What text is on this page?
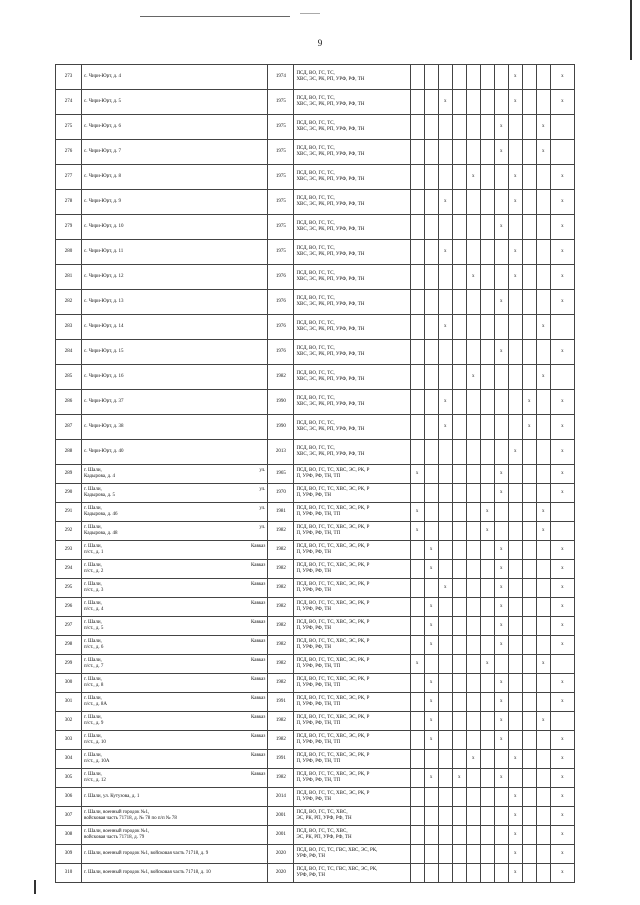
9
273	с. Чирн-Юрт, д. 4	1974	ПСД, ВО, ГС, ТС,
ХВС, ЭС, РК, РП, УРФ, РФ, ТН								x			x
274	с. Чири-Юрт, д. 5	1975	ПСД, ВО, ГС, ТС,
ХВС, ЭС, РК, РП, УРФ, РФ, ТН			x					x			x
275	с. Чири-Юрт, д. 6	1975	ПСД, ВО, ГС, ТС,
ХВС, ЭС, РК, РП, УРФ, РФ, ТН							x			x	
276	с. Чири-Юрт, д. 7	1975	ПСД, ВО, ГС, ТС,
ХВС, ЭС, РК, РП, УРФ, РФ, ТН							x			x	
277	с. Чири-Юрт, д. 8	1975	ПСД, ВО, ГС, ТС,
ХВС, ЭС, РК, РП, УРФ, РФ, ТН					x			x			x
278	с. Чири-Юрт, д. 9	1975	ПСД, ВО, ГС, ТС,
ХВС, ЭС, РК, РП, УРФ, РФ, ТН			x					x			x
279	с. Чири-Юрт, д. 10	1975	ПСД, ВО, ГС, ТС,
ХВС, ЭС, РК, РП, УРФ, РФ, ТН							x				x
280	с. Чири-Юрт, д. 11	1975	ПСД, ВО, ГС, ТС,
ХВС, ЭС, РК, РП, УРФ, РФ, ТН			x					x			x
281	с. Чири-Юрт, д. 12	1976	ПСД, ВО, ГС, ТС,
ХВС, ЭС, РК, РП, УРФ, РФ, ТН					x			x			x
282	с. Чири-Юрт, д. 13	1976	ПСД, ВО, ГС, ТС,
ХВС, ЭС, РК, РП, УРФ, РФ, ТН							x				x
283	с. Чири-Юрт, д. 14	1976	ПСД, ВО, ГС, ТС,
ХВС, ЭС, РК, РП, УРФ, РФ, ТН			x							x	
284	с. Чири-Юрт, д. 15	1976	ПСД, ВО, ГС, ТС,
ХВС, ЭС, РК, РП, УРФ, РФ, ТН							x				x
285	с. Чири-Юрт, д. 16	1982	ПСД, ВО, ГС, ТС,
ХВС, ЭС, РК, РП, УРФ, РФ, ТН					x					x	
286	с. Чири-Юрт, д. 37	1990	ПСД, ВО, ГС, ТС,
ХВС, ЭС, РК, РП, УРФ, РФ, ТН			x						x		x
287	с. Чири-Юрт, д. 38	1990	ПСД, ВО, ГС, ТС,
ХВС, ЭС, РК, РП, УРФ, РФ, ТН			x						x		x
288	с. Чири-Юрт, д. 40	2013	ПСД, ВО, ГС, ТС,
ХВС, ЭС, РК, РП, УРФ, РФ, ТН								x			x
289	г. Шали, ул.
Кадырова, д. 4	1965	ПСД, ВО, ГС, ТС, ХВС, ЭС, РК, Р
П, УРФ, РФ, ТН, ТП	x						x				x
290	г. Шали, ул.
Кадырова, д. 5	1970	ПСД, ВО, ГС, ТС, ХВС, ЭС, РК, Р
П, УРФ, РФ, ТН							x				x
291	г. Шали, ул.
Кадырова, д. 46	1981	ПСД, ВО, ГС, ТС, ХВС, ЭС, РК, Р
П, УРФ, РФ, ТН, ТП	x					x				x	
292	г. Шали, ул.
Кадырова, д. 48	1982	ПСД, ВО, ГС, ТС, ХВС, ЭС, РК, Р
П, УРФ, РФ, ТН, ТП	x					x				x	
293	г. Шали, Кавказ
п/ст., д. 1	1982	ПСД, ВО, ГС, ТС, ХВС, ЭС, РК, Р
П, УРФ, РФ, ТН		x					x				x
294	г. Шали, Кавказ
п/ст., д. 2	1982	ПСД, ВО, ГС, ТС, ХВС, ЭС, РК, Р
П, УРФ, РФ, ТН		x					x				x
295	г. Шали, Кавказ
п/ст., д. 3	1982	ПСД, ВО, ГС, ТС, ХВС, ЭС, РК, Р
П, УРФ, РФ, ТН			x				x				x
296	г. Шали, Кавказ
п/ст., д. 4	1982	ПСД, ВО, ГС, ТС, ХВС, ЭС, РК, Р
П, УРФ, РФ, ТН		x					x				x
297	г. Шали, Кавказ
п/ст., д. 5	1982	ПСД, ВО, ГС, ТС, ХВС, ЭС, РК, Р
П, УРФ, РФ, ТН		x					x				x
298	г. Шали, Кавказ
п/ст., д. 6	1982	ПСД, ВО, ГС, ТС, ХВС, ЭС, РК, Р
П, УРФ, РФ, ТН		x					x				x
299	г. Шали, Кавказ
п/ст., д. 7	1982	ПСД, ВО, ГС, ТС, ХВС, ЭС, РК, Р
П, УРФ, РФ, ТН, ТП	x					x				x	
300	г. Шали, Кавказ
п/ст., д. 8	1982	ПСД, ВО, ГС, ТС, ХВС, ЭС, РК, Р
П, УРФ, РФ, ТН, ТП		x					x				x
301	г. Шали, Кавказ
п/ст., д. 8А	1991	ПСД, ВО, ГС, ТС, ХВС, ЭС, РК, Р
П, УРФ, РФ, ТН, ТП		x					x				x
302	г. Шали, Кавказ
п/ст., д. 9	1982	ПСД, ВО, ГС, ТС, ХВС, ЭС, РК, Р
П, УРФ, РФ, ТН, ТП		x					x			x	
303	г. Шали, Кавказ
п/ст., д. 10	1982	ПСД, ВО, ГС, ТС, ХВС, ЭС, РК, Р
П, УРФ, РФ, ТН, ТП		x					x				x
304	г. Шали, Кавказ
п/ст., д. 10А	1991	ПСД, ВО, ГС, ТС, ХВС, ЭС, РК, Р
П, УРФ, РФ, ТН, ТП					x			x			x
305	г. Шали, Кавказ
п/ст., д. 12	1982	ПСД, ВО, ГС, ТС, ХВС, ЭС, РК, Р
П, УРФ, РФ, ТН, ТП		x		x			x				x
306	г. Шали, ул. Кутузова, д. 1	2014	ПСД, ВО, ГС, ТС, ХВС, ЭС, РК, Р
П, УРФ, РФ, ТН								x			x
307	г. Шали, военный городок №1,
войсковая часть 71718, д. № 78 по п/п № 78	2001	ПСД, ВО, ГС, ТС, ХВС,
ЭС, РК, РП, УРФ, РФ, ТН								x			x
308	г. Шали, военный городок №1,
войсковая часть 71718, д. 79	2001	ПСД, ВО, ГС, ТС, ХВС,
ЭС, РК, РП, УРФ, РФ, ТН								x			x
309	г. Шали, военный городок №1, войсковая часть 71718, д. 9	2020	ПСД, ВО, ГС, ТС, ГВС, ХВС, ЭС, РК,
УРФ, РФ, ТН								x			x
310	г. Шали, военный городок №1, войсковая часть 71718, д. 10	2020	ПСД, ВО, ГС, ТС, ГВС, ХВС, ЭС, РК,
УРФ, РФ, ТН								x			x
